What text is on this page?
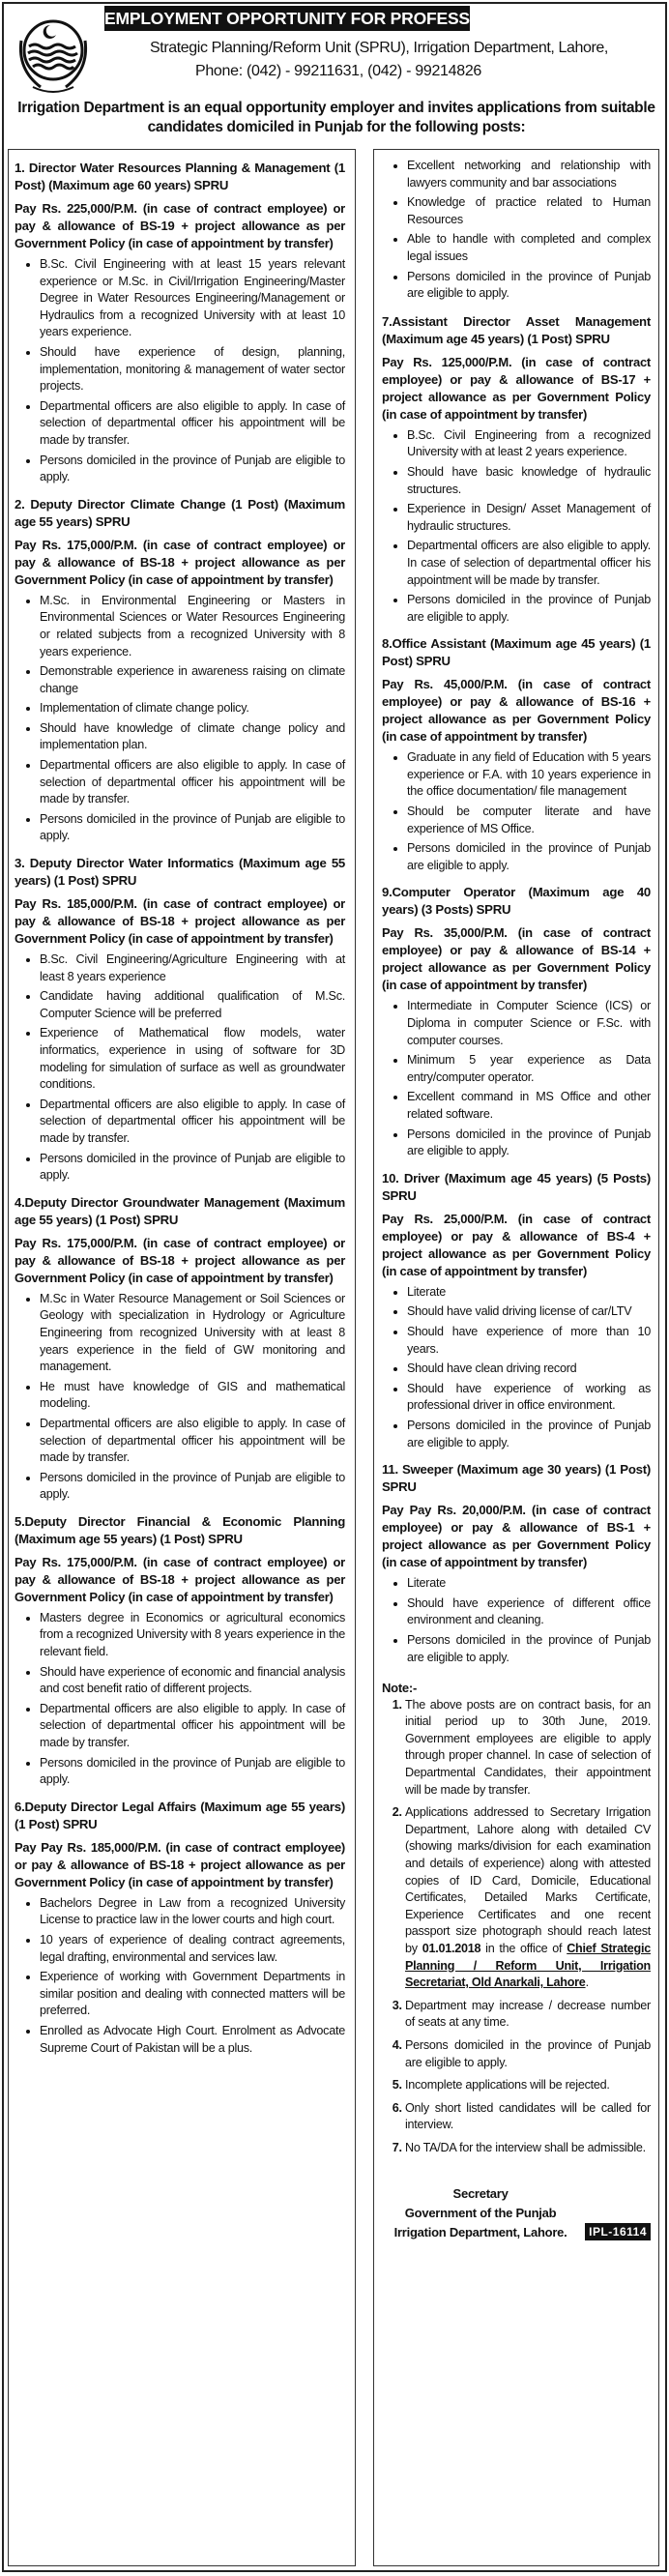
EMPLOYMENT OPPORTUNITY FOR PROFESSIONALS
Strategic Planning/Reform Unit (SPRU), Irrigation Department, Lahore,
Phone: (042) - 99211631, (042) - 99214826
Irrigation Department is an equal opportunity employer and invites applications from suitable candidates domiciled in Punjab for the following posts:
1. Director Water Resources Planning & Management (1 Post) (Maximum age 60 years) SPRU
Pay Rs. 225,000/P.M. (in case of contract employee) or pay & allowance of BS-19 + project allowance as per Government Policy (in case of appointment by transfer)
• B.Sc. Civil Engineering with at least 15 years relevant experience or M.Sc. in Civil/Irrigation Engineering/Master Degree in Water Resources Engineering/Management or Hydraulics from a recognized University with at least 10 years experience.
• Should have experience of design, planning, implementation, monitoring & management of water sector projects.
• Departmental officers are also eligible to apply. In case of selection of departmental officer his appointment will be made by transfer.
• Persons domiciled in the province of Punjab are eligible to apply.
2. Deputy Director Climate Change (1 Post) (Maximum age 55 years) SPRU
Pay Rs. 175,000/P.M. (in case of contract employee) or pay & allowance of BS-18 + project allowance as per Government Policy (in case of appointment by transfer)
• M.Sc. in Environmental Engineering or Masters in Environmental Sciences or Water Resources Engineering or related subjects from a recognized University with 8 years experience.
• Demonstrable experience in awareness raising on climate change
• Implementation of climate change policy.
• Should have knowledge of climate change policy and implementation plan.
• Departmental officers are also eligible to apply. In case of selection of departmental officer his appointment will be made by transfer.
• Persons domiciled in the province of Punjab are eligible to apply.
3. Deputy Director Water Informatics (Maximum age 55 years) (1 Post) SPRU
Pay Rs. 185,000/P.M. (in case of contract employee) or pay & allowance of BS-18 + project allowance as per Government Policy (in case of appointment by transfer)
• B.Sc. Civil Engineering/Agriculture Engineering with at least 8 years experience
• Candidate having additional qualification of M.Sc. Computer Science will be preferred
• Experience of Mathematical flow models, water informatics, experience in using of software for 3D modeling for simulation of surface as well as groundwater conditions.
• Departmental officers are also eligible to apply. In case of selection of departmental officer his appointment will be made by transfer.
• Persons domiciled in the province of Punjab are eligible to apply.
4.Deputy Director Groundwater Management (Maximum age 55 years) (1 Post) SPRU
Pay Rs. 175,000/P.M. (in case of contract employee) or pay & allowance of BS-18 + project allowance as per Government Policy (in case of appointment by transfer)
• M.Sc in Water Resource Management or Soil Sciences or Geology with specialization in Hydrology or Agriculture Engineering from recognized University with at least 8 years experience in the field of GW monitoring and management.
• He must have knowledge of GIS and mathematical modeling.
• Departmental officers are also eligible to apply. In case of selection of departmental officer his appointment will be made by transfer.
• Persons domiciled in the province of Punjab are eligible to apply.
5.Deputy Director Financial & Economic Planning (Maximum age 55 years) (1 Post) SPRU
Pay Rs. 175,000/P.M. (in case of contract employee) or pay & allowance of BS-18 + project allowance as per Government Policy (in case of appointment by transfer)
• Masters degree in Economics or agricultural economics from a recognized University with 8 years experience in the relevant field.
• Should have experience of economic and financial analysis and cost benefit ratio of different projects.
• Departmental officers are also eligible to apply. In case of selection of departmental officer his appointment will be made by transfer.
• Persons domiciled in the province of Punjab are eligible to apply.
6.Deputy Director Legal Affairs (Maximum age 55 years) (1 Post) SPRU
Pay Pay Rs. 185,000/P.M. (in case of contract employee) or pay & allowance of BS-18 + project allowance as per Government Policy (in case of appointment by transfer)
• Bachelors Degree in Law from a recognized University License to practice law in the lower courts and high court.
• 10 years of experience of dealing contract agreements, legal drafting, environmental and services law.
• Experience of working with Government Departments in similar position and dealing with connected matters will be preferred.
• Enrolled as Advocate High Court. Enrolment as Advocate Supreme Court of Pakistan will be a plus.
• Excellent networking and relationship with lawyers community and bar associations
• Knowledge of practice related to Human Resources
• Able to handle with completed and complex legal issues
• Persons domiciled in the province of Punjab are eligible to apply.
7.Assistant Director Asset Management (Maximum age 45 years) (1 Post) SPRU
Pay Rs. 125,000/P.M. (in case of contract employee) or pay & allowance of BS-17 + project allowance as per Government Policy (in case of appointment by transfer)
• B.Sc. Civil Engineering from a recognized University with at least 2 years experience.
• Should have basic knowledge of hydraulic structures.
• Experience in Design/ Asset Management of hydraulic structures.
• Departmental officers are also eligible to apply. In case of selection of departmental officer his appointment will be made by transfer.
• Persons domiciled in the province of Punjab are eligible to apply.
8.Office Assistant (Maximum age 45 years) (1 Post) SPRU
Pay Rs. 45,000/P.M. (in case of contract employee) or pay & allowance of BS-16 + project allowance as per Government Policy (in case of appointment by transfer)
• Graduate in any field of Education with 5 years experience or F.A. with 10 years experience in the office documentation/ file management
• Should be computer literate and have experience of MS Office.
• Persons domiciled in the province of Punjab are eligible to apply.
9.Computer Operator (Maximum age 40 years) (3 Posts) SPRU
Pay Rs. 35,000/P.M. (in case of contract employee) or pay & allowance of BS-14 + project allowance as per Government Policy (in case of appointment by transfer)
• Intermediate in Computer Science (ICS) or Diploma in computer Science or F.Sc. with computer courses.
• Minimum 5 year experience as Data entry/computer operator.
• Excellent command in MS Office and other related software.
• Persons domiciled in the province of Punjab are eligible to apply.
10. Driver (Maximum age 45 years) (5 Posts) SPRU
Pay Rs. 25,000/P.M. (in case of contract employee) or pay & allowance of BS-4 + project allowance as per Government Policy (in case of appointment by transfer)
• Literate
• Should have valid driving license of car/LTV
• Should have experience of more than 10 years.
• Should have clean driving record
• Should have experience of working as professional driver in office environment.
• Persons domiciled in the province of Punjab are eligible to apply.
11. Sweeper (Maximum age 30 years) (1 Post) SPRU
Pay Pay Rs. 20,000/P.M. (in case of contract employee) or pay & allowance of BS-1 + project allowance as per Government Policy (in case of appointment by transfer)
• Literate
• Should have experience of different office environment and cleaning.
• Persons domiciled in the province of Punjab are eligible to apply.
Note:-
1. The above posts are on contract basis, for an initial period up to 30th June, 2019. Government employees are eligible to apply through proper channel. In case of selection of Departmental Candidates, their appointment will be made by transfer.
2. Applications addressed to Secretary Irrigation Department, Lahore along with detailed CV (showing marks/division for each examination and details of experience) along with attested copies of ID Card, Domicile, Educational Certificates, Detailed Marks Certificate, Experience Certificates and one recent passport size photograph should reach latest by 01.01.2018 in the office of Chief Strategic Planning / Reform Unit, Irrigation Secretariat, Old Anarkali, Lahore.
3. Department may increase / decrease number of seats at any time.
4. Persons domiciled in the province of Punjab are eligible to apply.
5. Incomplete applications will be rejected.
6. Only short listed candidates will be called for interview.
7. No TA/DA for the interview shall be admissible.
Secretary
Government of the Punjab
Irrigation Department, Lahore.	IPL-16114
